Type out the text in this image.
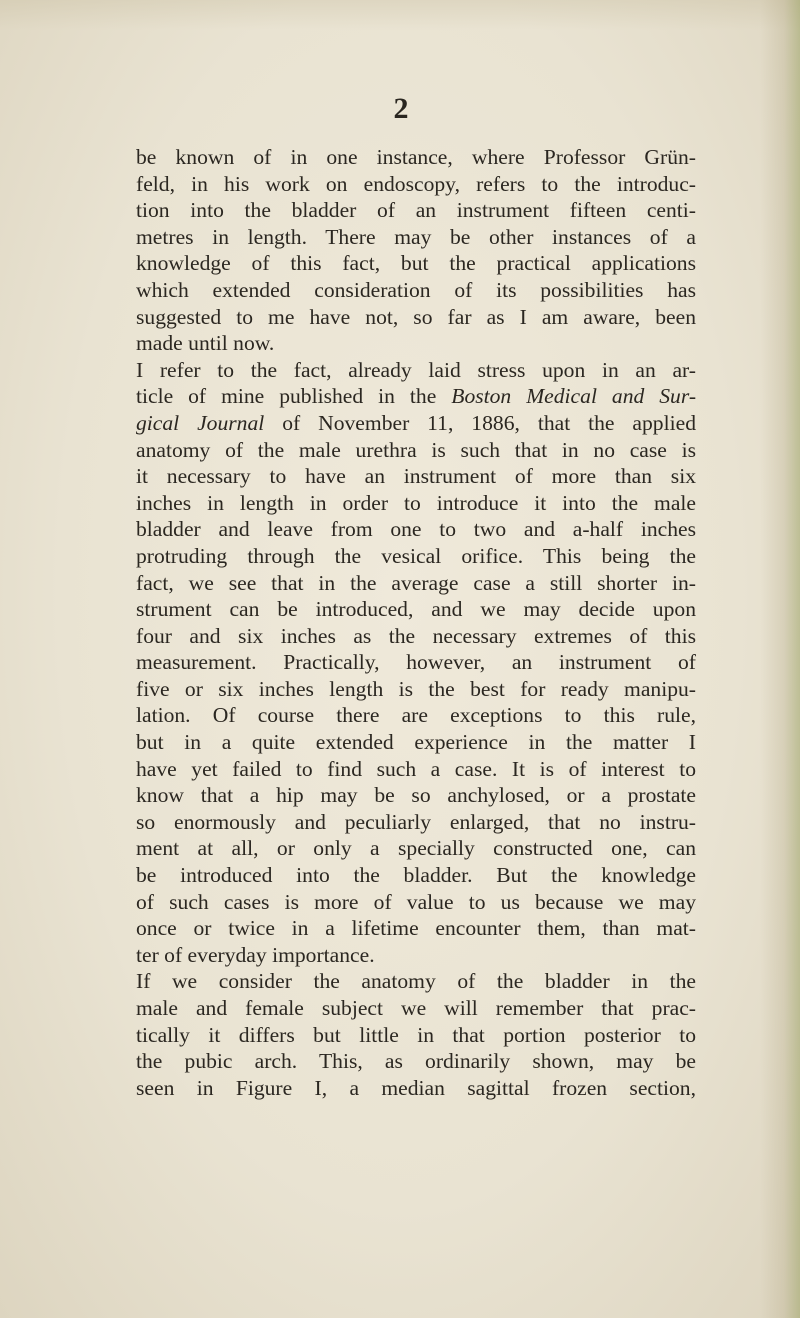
2
be known of in one instance, where Professor Grün-
feld, in his work on endoscopy, refers to the introduc-
tion into the bladder of an instrument fifteen centi-
metres in length. There may be other instances of a
knowledge of this fact, but the practical applications
which extended consideration of its possibilities has
suggested to me have not, so far as I am aware, been
made until now.
I refer to the fact, already laid stress upon in an ar-
ticle of mine published in the Boston Medical and Sur-
gical Journal of November 11, 1886, that the applied
anatomy of the male urethra is such that in no case is
it necessary to have an instrument of more than six
inches in length in order to introduce it into the male
bladder and leave from one to two and a-half inches
protruding through the vesical orifice. This being the
fact, we see that in the average case a still shorter in-
strument can be introduced, and we may decide upon
four and six inches as the necessary extremes of this
measurement. Practically, however, an instrument of
five or six inches length is the best for ready manipu-
lation. Of course there are exceptions to this rule,
but in a quite extended experience in the matter I
have yet failed to find such a case. It is of interest to
know that a hip may be so anchylosed, or a prostate
so enormously and peculiarly enlarged, that no instru-
ment at all, or only a specially constructed one, can
be introduced into the bladder. But the knowledge
of such cases is more of value to us because we may
once or twice in a lifetime encounter them, than mat-
ter of everyday importance.
If we consider the anatomy of the bladder in the
male and female subject we will remember that prac-
tically it differs but little in that portion posterior to
the pubic arch. This, as ordinarily shown, may be
seen in Figure I, a median sagittal frozen section,
